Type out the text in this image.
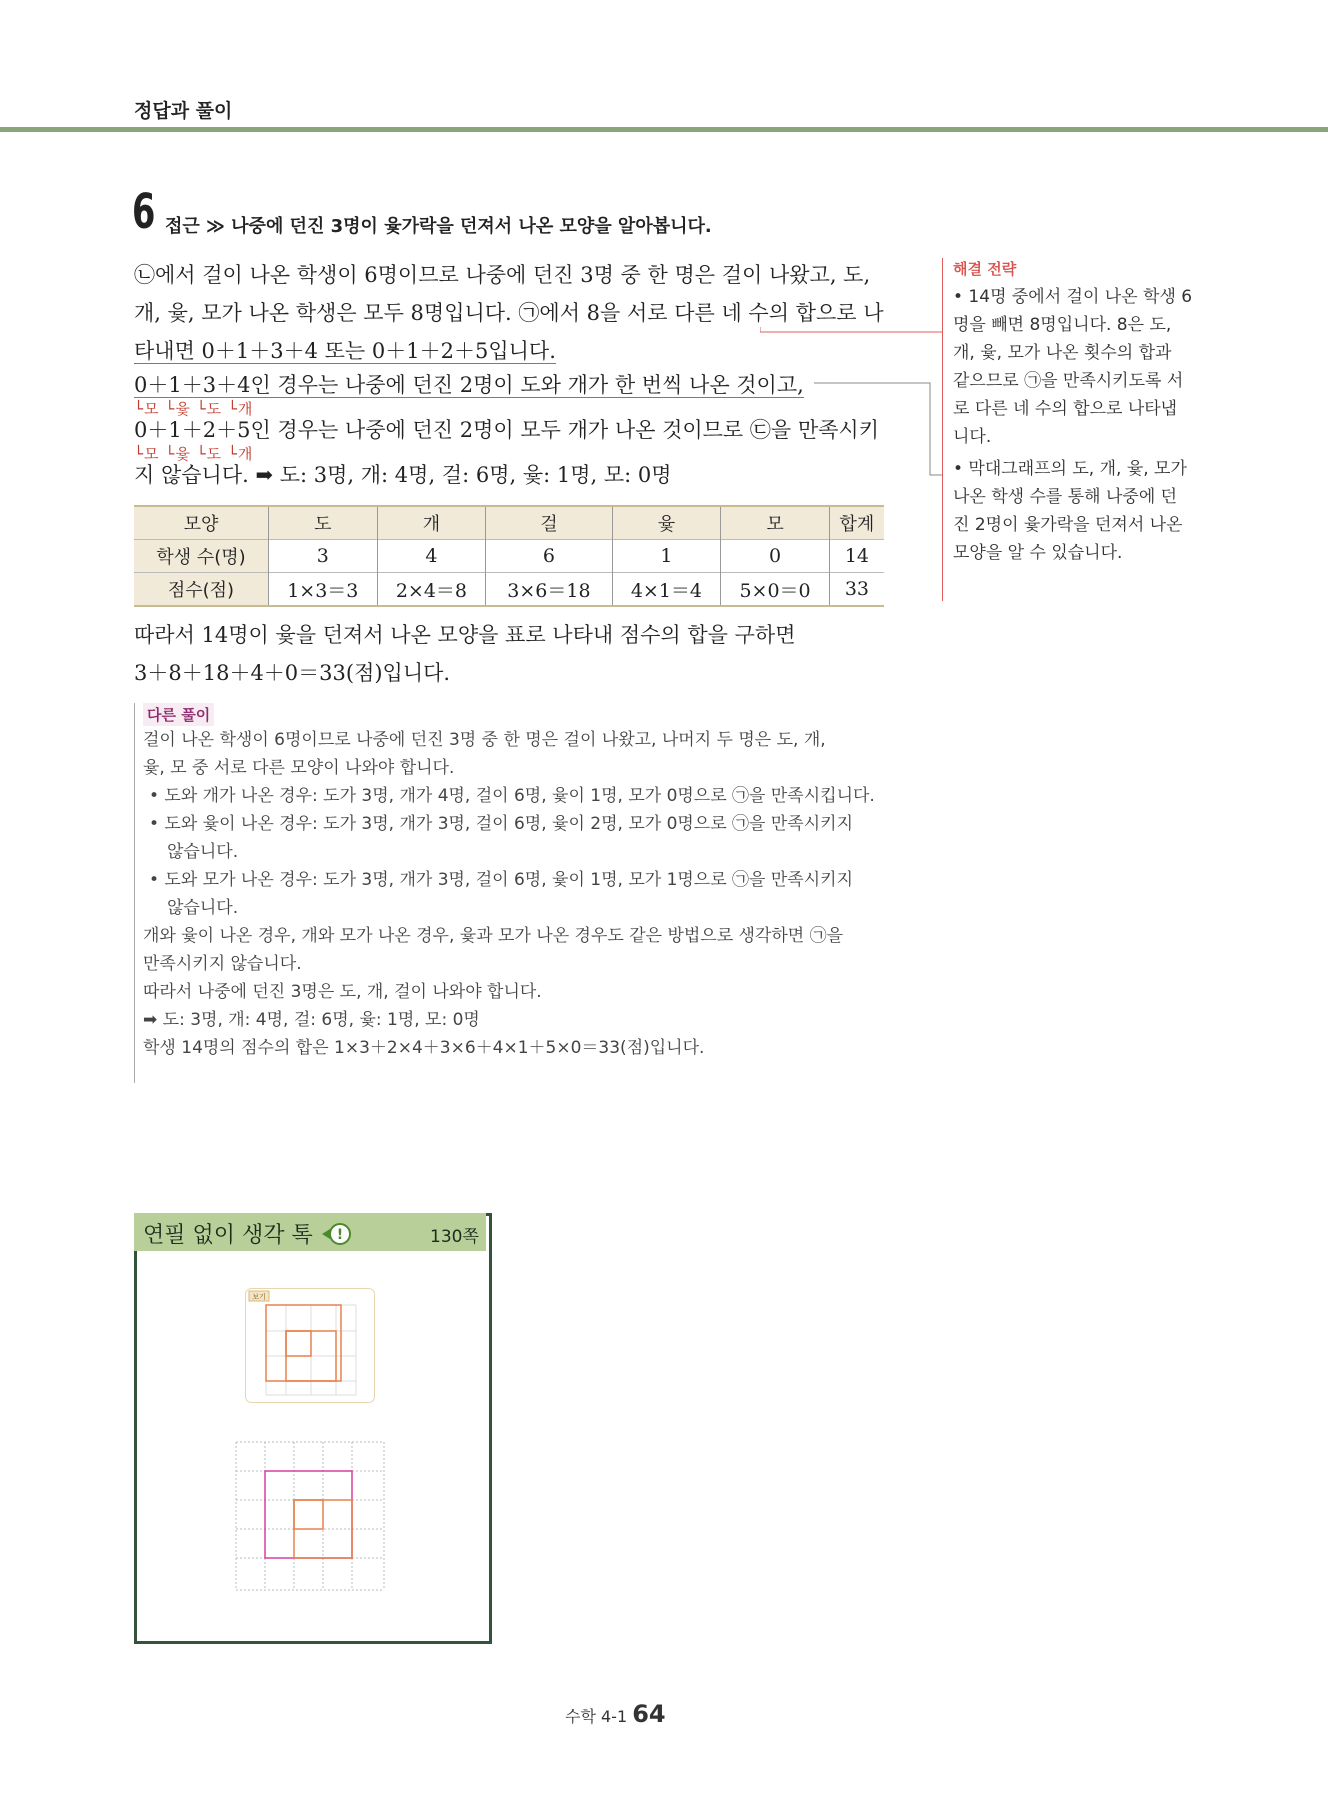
정답과 풀이
6 접근 ≫ 나중에 던진 3명이 윷가락을 던져서 나온 모양을 알아봅니다.
㉡에서 걸이 나온 학생이 6명이므로 나중에 던진 3명 중 한 명은 걸이 나왔고, 도,
개, 윷, 모가 나온 학생은 모두 8명입니다. ㉠에서 8을 서로 다른 네 수의 합으로 나
타내면 0＋1＋3＋4 또는 0＋1＋2＋5입니다.
0＋1＋3＋4인 경우는 나중에 던진 2명이 도와 개가 한 번씩 나온 것이고,
└모 └윷 └도 └개
0＋1＋2＋5인 경우는 나중에 던진 2명이 모두 개가 나온 것이므로 ㉢을 만족시키
└모 └윷 └도 └개
지 않습니다. ➡ 도: 3명, 개: 4명, 걸: 6명, 윷: 1명, 모: 0명
모양	도	개	걸	윷	모	합계
학생 수(명)	3	4	6	1	0	14
점수(점)	1×3＝3	2×4＝8	3×6＝18	4×1＝4	5×0＝0	33
따라서 14명이 윷을 던져서 나온 모양을 표로 나타내 점수의 합을 구하면
3＋8＋18＋4＋0＝33(점)입니다.
해결 전략

• 14명 중에서 걸이 나온 학생 6명을 빼면 8명입니다. 8은 도, 개, 윷, 모가 나온 횟수의 합과 같으므로 ㉠을 만족시키도록 서로 다른 네 수의 합으로 나타냅니다.

• 막대그래프의 도, 개, 윷, 모가 나온 학생 수를 통해 나중에 던진 2명이 윷가락을 던져서 나온 모양을 알 수 있습니다.

다른 풀이

걸이 나온 학생이 6명이므로 나중에 던진 3명 중 한 명은 걸이 나왔고, 나머지 두 명은 도, 개,

윷, 모 중 서로 다른 모양이 나와야 합니다.

• 도와 개가 나온 경우: 도가 3명, 개가 4명, 걸이 6명, 윷이 1명, 모가 0명으로 ㉠을 만족시킵니다.

• 도와 윷이 나온 경우: 도가 3명, 개가 3명, 걸이 6명, 윷이 2명, 모가 0명으로 ㉠을 만족시키지

않습니다.

• 도와 모가 나온 경우: 도가 3명, 개가 3명, 걸이 6명, 윷이 1명, 모가 1명으로 ㉠을 만족시키지

않습니다.

개와 윷이 나온 경우, 개와 모가 나온 경우, 윷과 모가 나온 경우도 같은 방법으로 생각하면 ㉠을

만족시키지 않습니다.

따라서 나중에 던진 3명은 도, 개, 걸이 나와야 합니다.

➡ 도: 3명, 개: 4명, 걸: 6명, 윷: 1명, 모: 0명

학생 14명의 점수의 합은 1×3＋2×4＋3×6＋4×1＋5×0＝33(점)입니다.

연필 없이 생각 톡 !	130쪽
보기
수학 4-1 64
